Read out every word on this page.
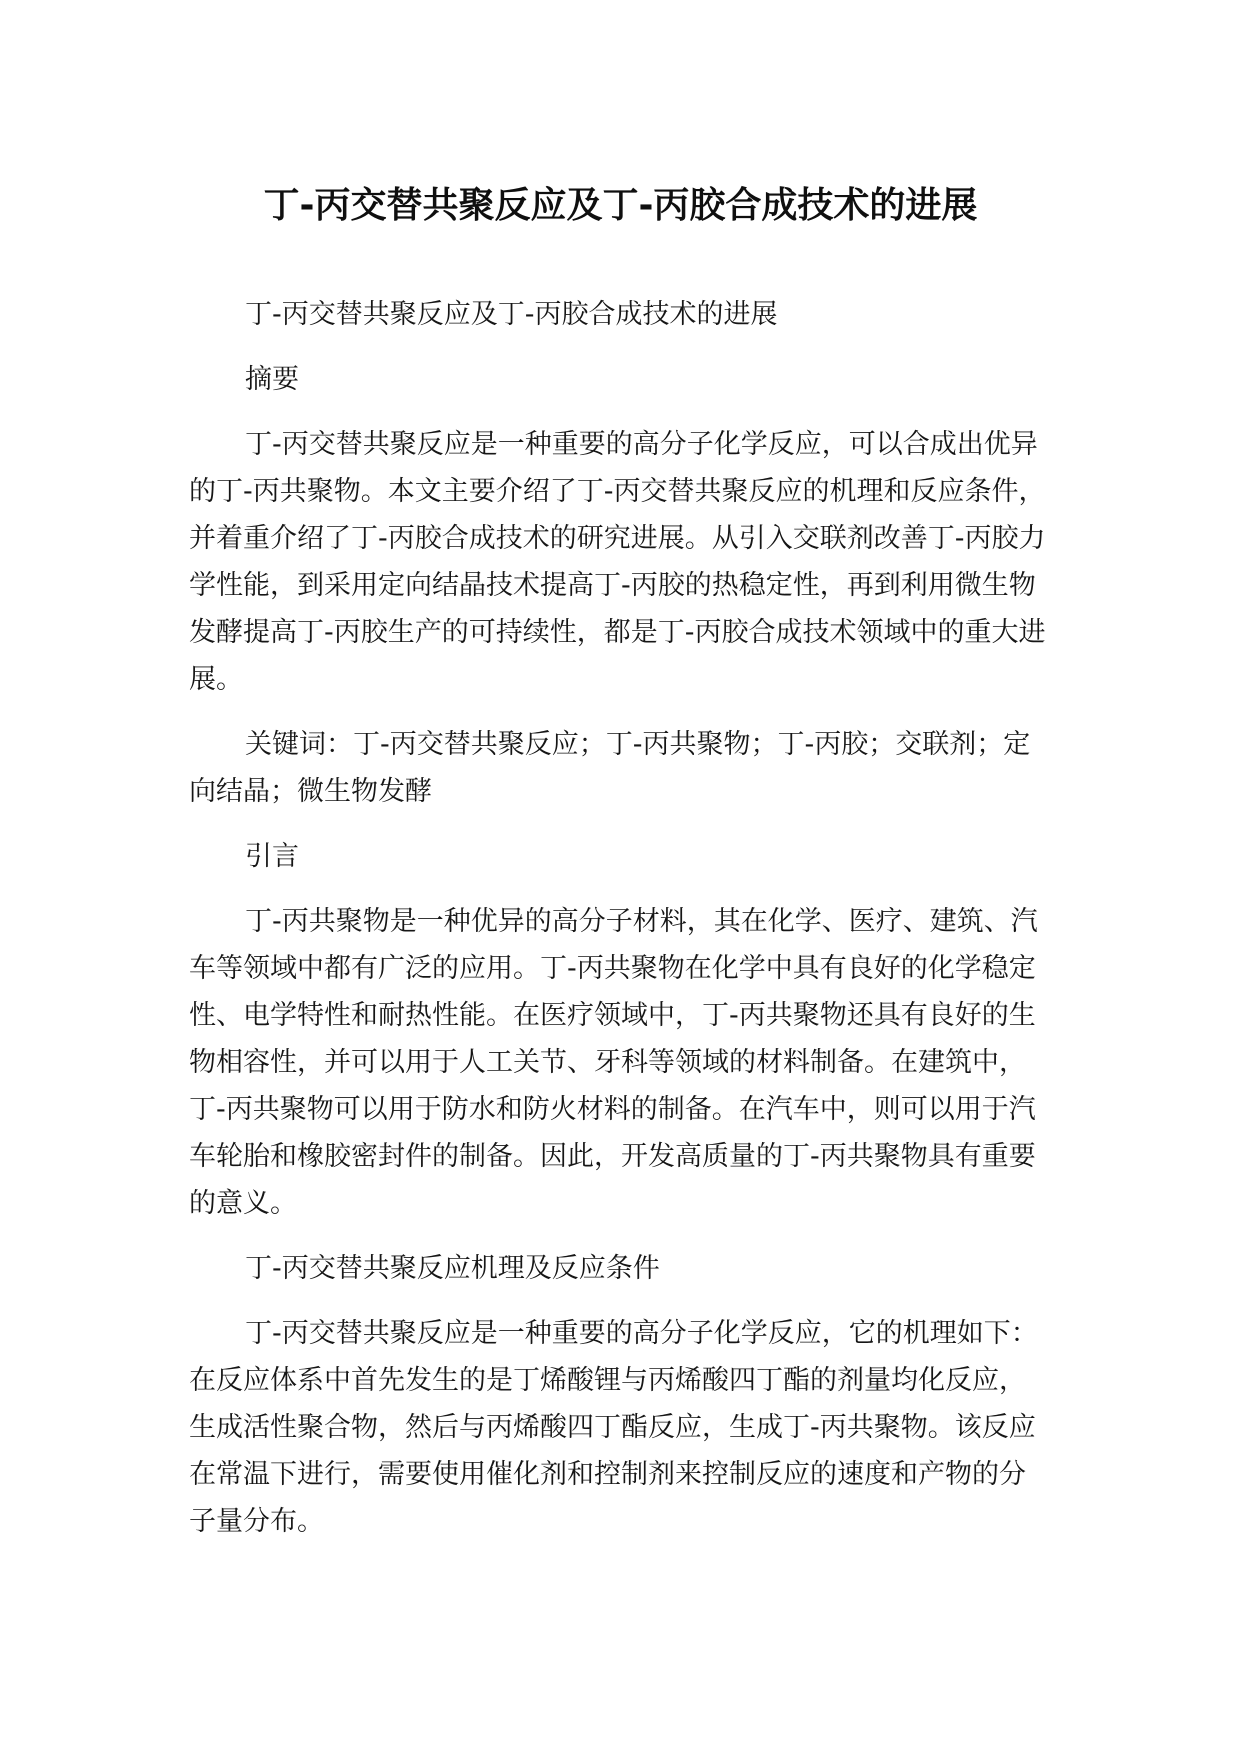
丁-丙交替共聚反应及丁-丙胶合成技术的进展
丁-丙交替共聚反应及丁-丙胶合成技术的进展
摘要
丁-丙交替共聚反应是一种重要的高分子化学反应，可以合成出优异
的丁-丙共聚物。本文主要介绍了丁-丙交替共聚反应的机理和反应条件，
并着重介绍了丁-丙胶合成技术的研究进展。从引入交联剂改善丁-丙胶力
学性能，到采用定向结晶技术提高丁-丙胶的热稳定性，再到利用微生物
发酵提高丁-丙胶生产的可持续性，都是丁-丙胶合成技术领域中的重大进
展。
关键词：丁-丙交替共聚反应；丁-丙共聚物；丁-丙胶；交联剂；定
向结晶；微生物发酵
引言
丁-丙共聚物是一种优异的高分子材料，其在化学、医疗、建筑、汽
车等领域中都有广泛的应用。丁-丙共聚物在化学中具有良好的化学稳定
性、电学特性和耐热性能。在医疗领域中，丁-丙共聚物还具有良好的生
物相容性，并可以用于人工关节、牙科等领域的材料制备。在建筑中，
丁-丙共聚物可以用于防水和防火材料的制备。在汽车中，则可以用于汽
车轮胎和橡胶密封件的制备。因此，开发高质量的丁-丙共聚物具有重要
的意义。
丁-丙交替共聚反应机理及反应条件
丁-丙交替共聚反应是一种重要的高分子化学反应，它的机理如下：
在反应体系中首先发生的是丁烯酸锂与丙烯酸四丁酯的剂量均化反应，
生成活性聚合物，然后与丙烯酸四丁酯反应，生成丁-丙共聚物。该反应
在常温下进行，需要使用催化剂和控制剂来控制反应的速度和产物的分
子量分布。
